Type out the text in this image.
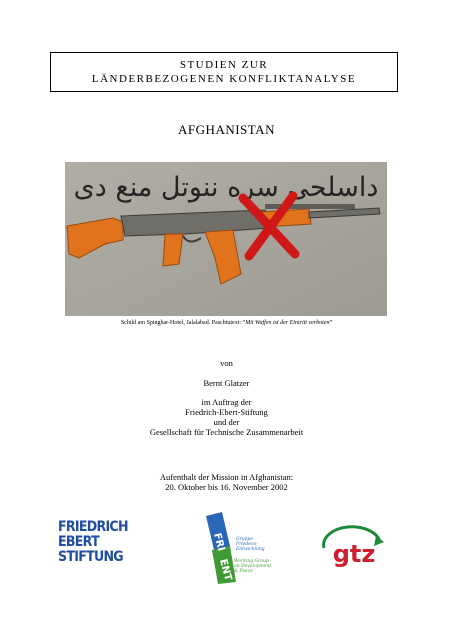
STUDIEN ZUR
LÄNDERBEZOGENEN KONFLIKTANALYSE
AFGHANISTAN
داسلحی سره ننوتل منع دی
Schild am Spinghar-Hotel, Jalalabad. Paschtutext: “Mit Waffen ist der Eintritt verboten”
von
Bernt Glatzer
im Auftrag der
Friedrich-Ebert-Stiftung
und der
Gesellschaft für Technische Zusammenarbeit
Aufenthalt der Mission in Afghanistan:
20. Oktober bis 16. November 2002
FRIEDRICH
EBERT
STIFTUNG
FRI
ENT
Gruppe
Friedens-
Entwicklung
Working Group
on Development
& Peace
gtz
